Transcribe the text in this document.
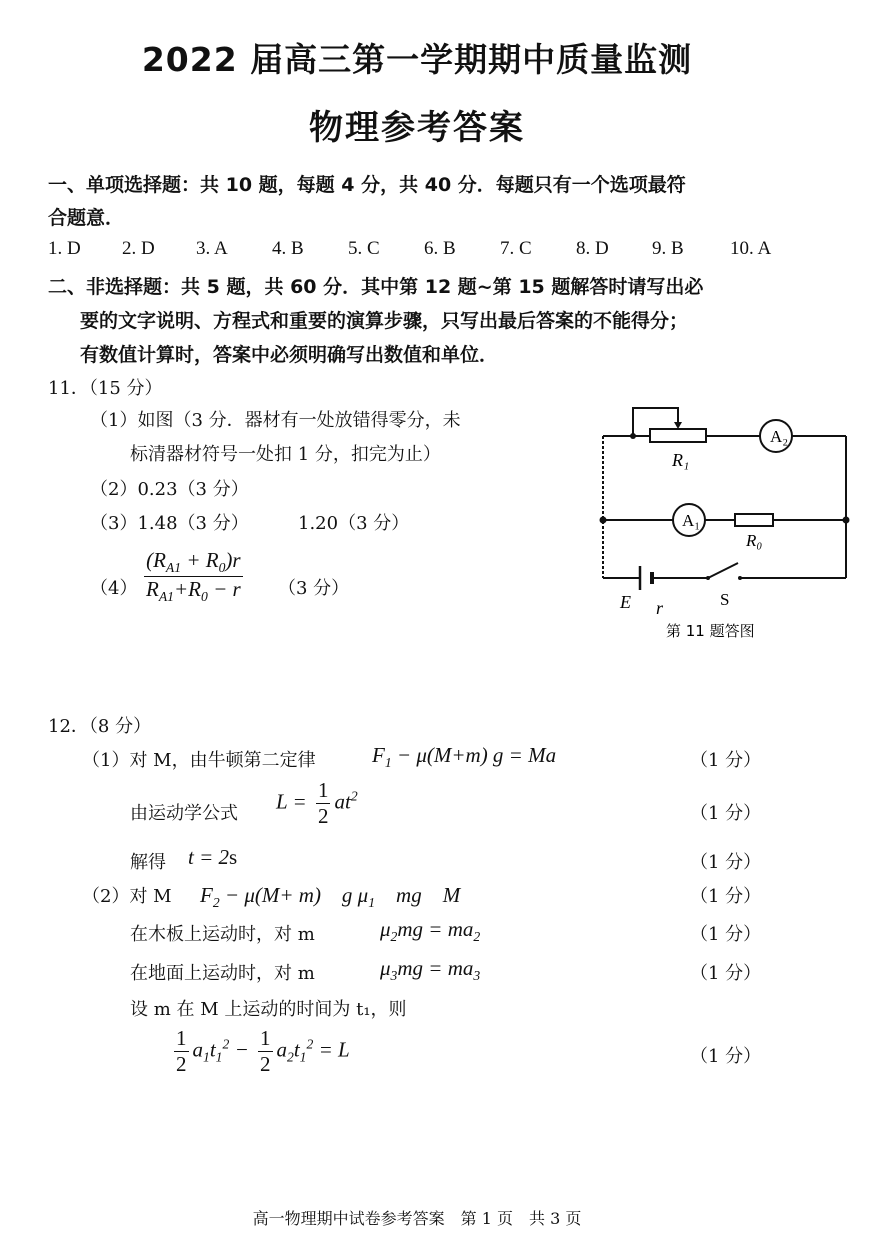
2022 届高三第一学期期中质量监测
物理参考答案
一、单项选择题：共 10 题，每题 4 分，共 40 分．每题只有一个选项最符
合题意．
1. D 2. D 3. A 4. B 5. C 6. B 7. C 8. D 9. B 10. A
二、非选择题：共 5 题，共 60 分．其中第 12 题~第 15 题解答时请写出必
要的文字说明、方程式和重要的演算步骤，只写出最后答案的不能得分；
有数值计算时，答案中必须明确写出数值和单位．
11．（15 分）
（1）如图（3 分．器材有一处放错得零分，未
标清器材符号一处扣 1 分，扣完为止）
（2）0.23（3 分）
（3）1.48（3 分）	1.20（3 分）
$(4) \frac{(R_{A1} + R_0)r}{R_{A1}+R_0 - r} (3$ 分）
A₂
A₁
R₁
R₀
E r	S
第 11 题答图
12．（8 分）
（1）对 M，由牛顿第二定律	$F_1 - \mu(M+m) g = Ma$	（1 分）
由运动学公式
$L = \frac{1}{2} at^2$
（1 分）
解得 t = 2s	（1 分）
（2）对 M $F_2 - \mu(M+ m)$　g $\mu_1$　mg　M	（1 分）
在木板上运动时，对 m	$\mu_2mg = ma_2$	（1 分）
在地面上运动时，对 m	$\mu_3mg = ma_3$	（1 分）
设 m 在 M 上运动的时间为 t₁，则
$\frac{1}{2} a_1t_1^2 - \frac{1}{2} a_2t_1^2 = L$	（1 分）
高一物理期中试卷参考答案　第 1 页　共 3 页
